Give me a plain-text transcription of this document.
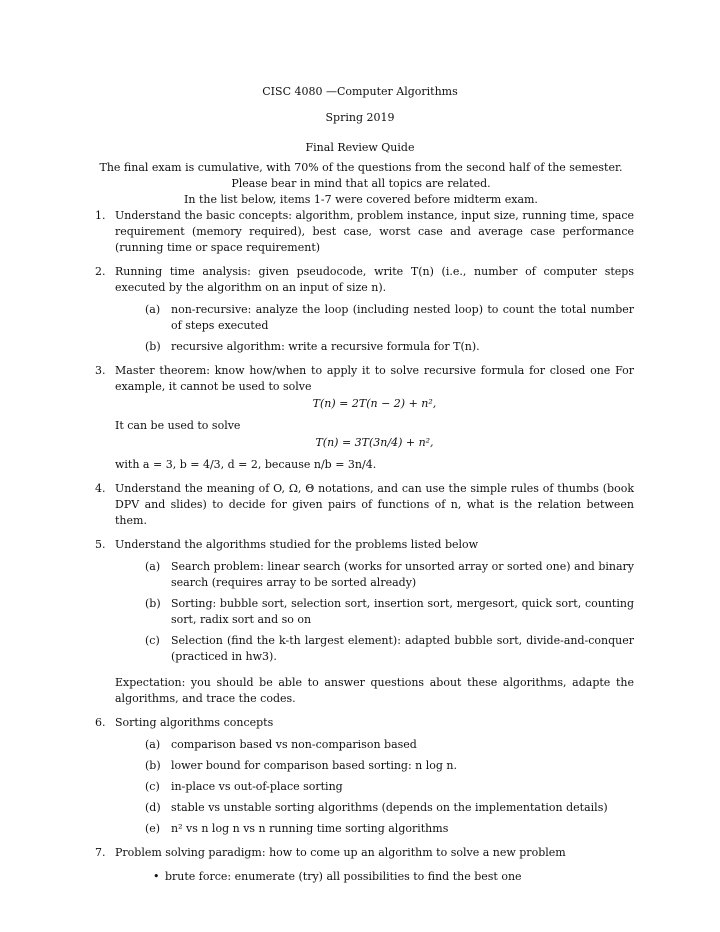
CISC 4080 —Computer Algorithms
Spring 2019
Final Review Quide
The final exam is cumulative, with 70% of the questions from the second half of the semester. Please bear in mind that all topics are related.
In the list below, items 1-7 were covered before midterm exam.
1. Understand the basic concepts: algorithm, problem instance, input size, running time, space requirement (memory required), best case, worst case and average case performance (running time or space requirement)
2. Running time analysis: given pseudocode, write T(n) (i.e., number of computer steps executed by the algorithm on an input of size n).
(a) non-recursive: analyze the loop (including nested loop) to count the total number of steps executed
(b) recursive algorithm: write a recursive formula for T(n).
3. Master theorem: know how/when to apply it to solve recursive formula for closed one For example, it cannot be used to solve
T(n) = 2T(n − 2) + n²,
It can be used to solve
T(n) = 3T(3n/4) + n²,
with a = 3, b = 4/3, d = 2, because n/b = 3n/4.
4. Understand the meaning of O, Ω, Θ notations, and can use the simple rules of thumbs (book DPV and slides) to decide for given pairs of functions of n, what is the relation between them.
5. Understand the algorithms studied for the problems listed below
(a) Search problem: linear search (works for unsorted array or sorted one) and binary search (requires array to be sorted already)
(b) Sorting: bubble sort, selection sort, insertion sort, mergesort, quick sort, counting sort, radix sort and so on
(c) Selection (find the k-th largest element): adapted bubble sort, divide-and-conquer (practiced in hw3).
Expectation: you should be able to answer questions about these algorithms, adapte the algorithms, and trace the codes.
6. Sorting algorithms concepts
(a) comparison based vs non-comparison based
(b) lower bound for comparison based sorting: n log n.
(c) in-place vs out-of-place sorting
(d) stable vs unstable sorting algorithms (depends on the implementation details)
(e) n² vs n log n vs n running time sorting algorithms
7. Problem solving paradigm: how to come up an algorithm to solve a new problem
• brute force: enumerate (try) all possibilities to find the best one
